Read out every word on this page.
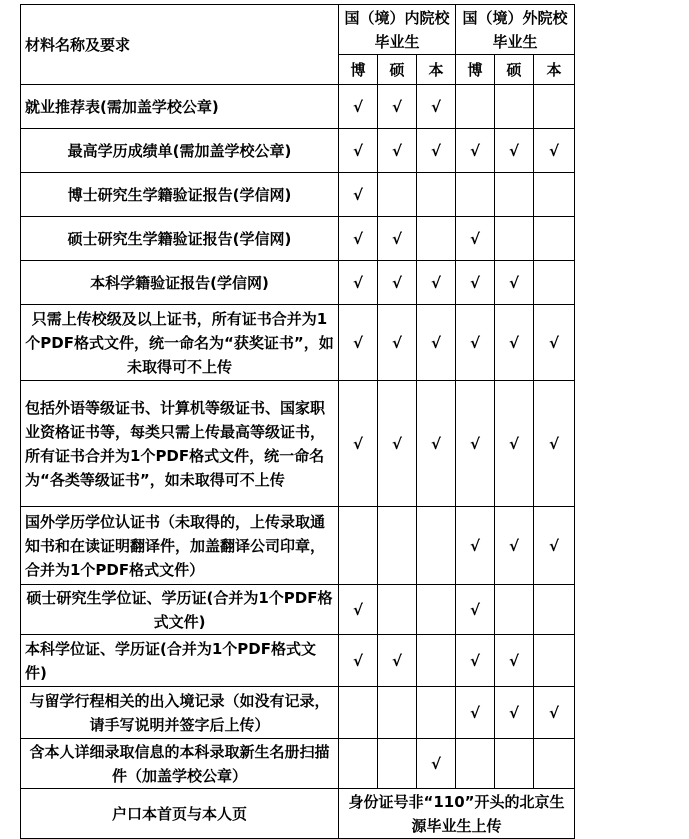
材料名称及要求	国（境）内院校毕业生			国（境）外院校毕业生		
	博	硕	本	博	硕	本
就业推荐表(需加盖学校公章)	√	√	√			
最高学历成绩单(需加盖学校公章)	√	√	√	√	√	√
博士研究生学籍验证报告(学信网)	√					
硕士研究生学籍验证报告(学信网)	√	√		√		
本科学籍验证报告(学信网)	√	√	√	√	√	
只需上传校级及以上证书，所有证书合并为1个PDF格式文件，统一命名为“获奖证书”，如未取得可不上传	√	√	√	√	√	√
包括外语等级证书、计算机等级证书、国家职业资格证书等，每类只需上传最高等级证书，所有证书合并为1个PDF格式文件，统一命名为“各类等级证书”，如未取得可不上传	√	√	√	√	√	√
国外学历学位认证书（未取得的，上传录取通知书和在读证明翻译件，加盖翻译公司印章，合并为1个PDF格式文件）				√	√	√
硕士研究生学位证、学历证(合并为1个PDF格式文件)	√			√		
本科学位证、学历证(合并为1个PDF格式文件)	√	√		√	√	
与留学行程相关的出入境记录（如没有记录，请手写说明并签字后上传）				√	√	√
含本人详细录取信息的本科录取新生名册扫描件（加盖学校公章）			√			
户口本首页与本人页	身份证号非“110”开头的北京生源毕业生上传					
